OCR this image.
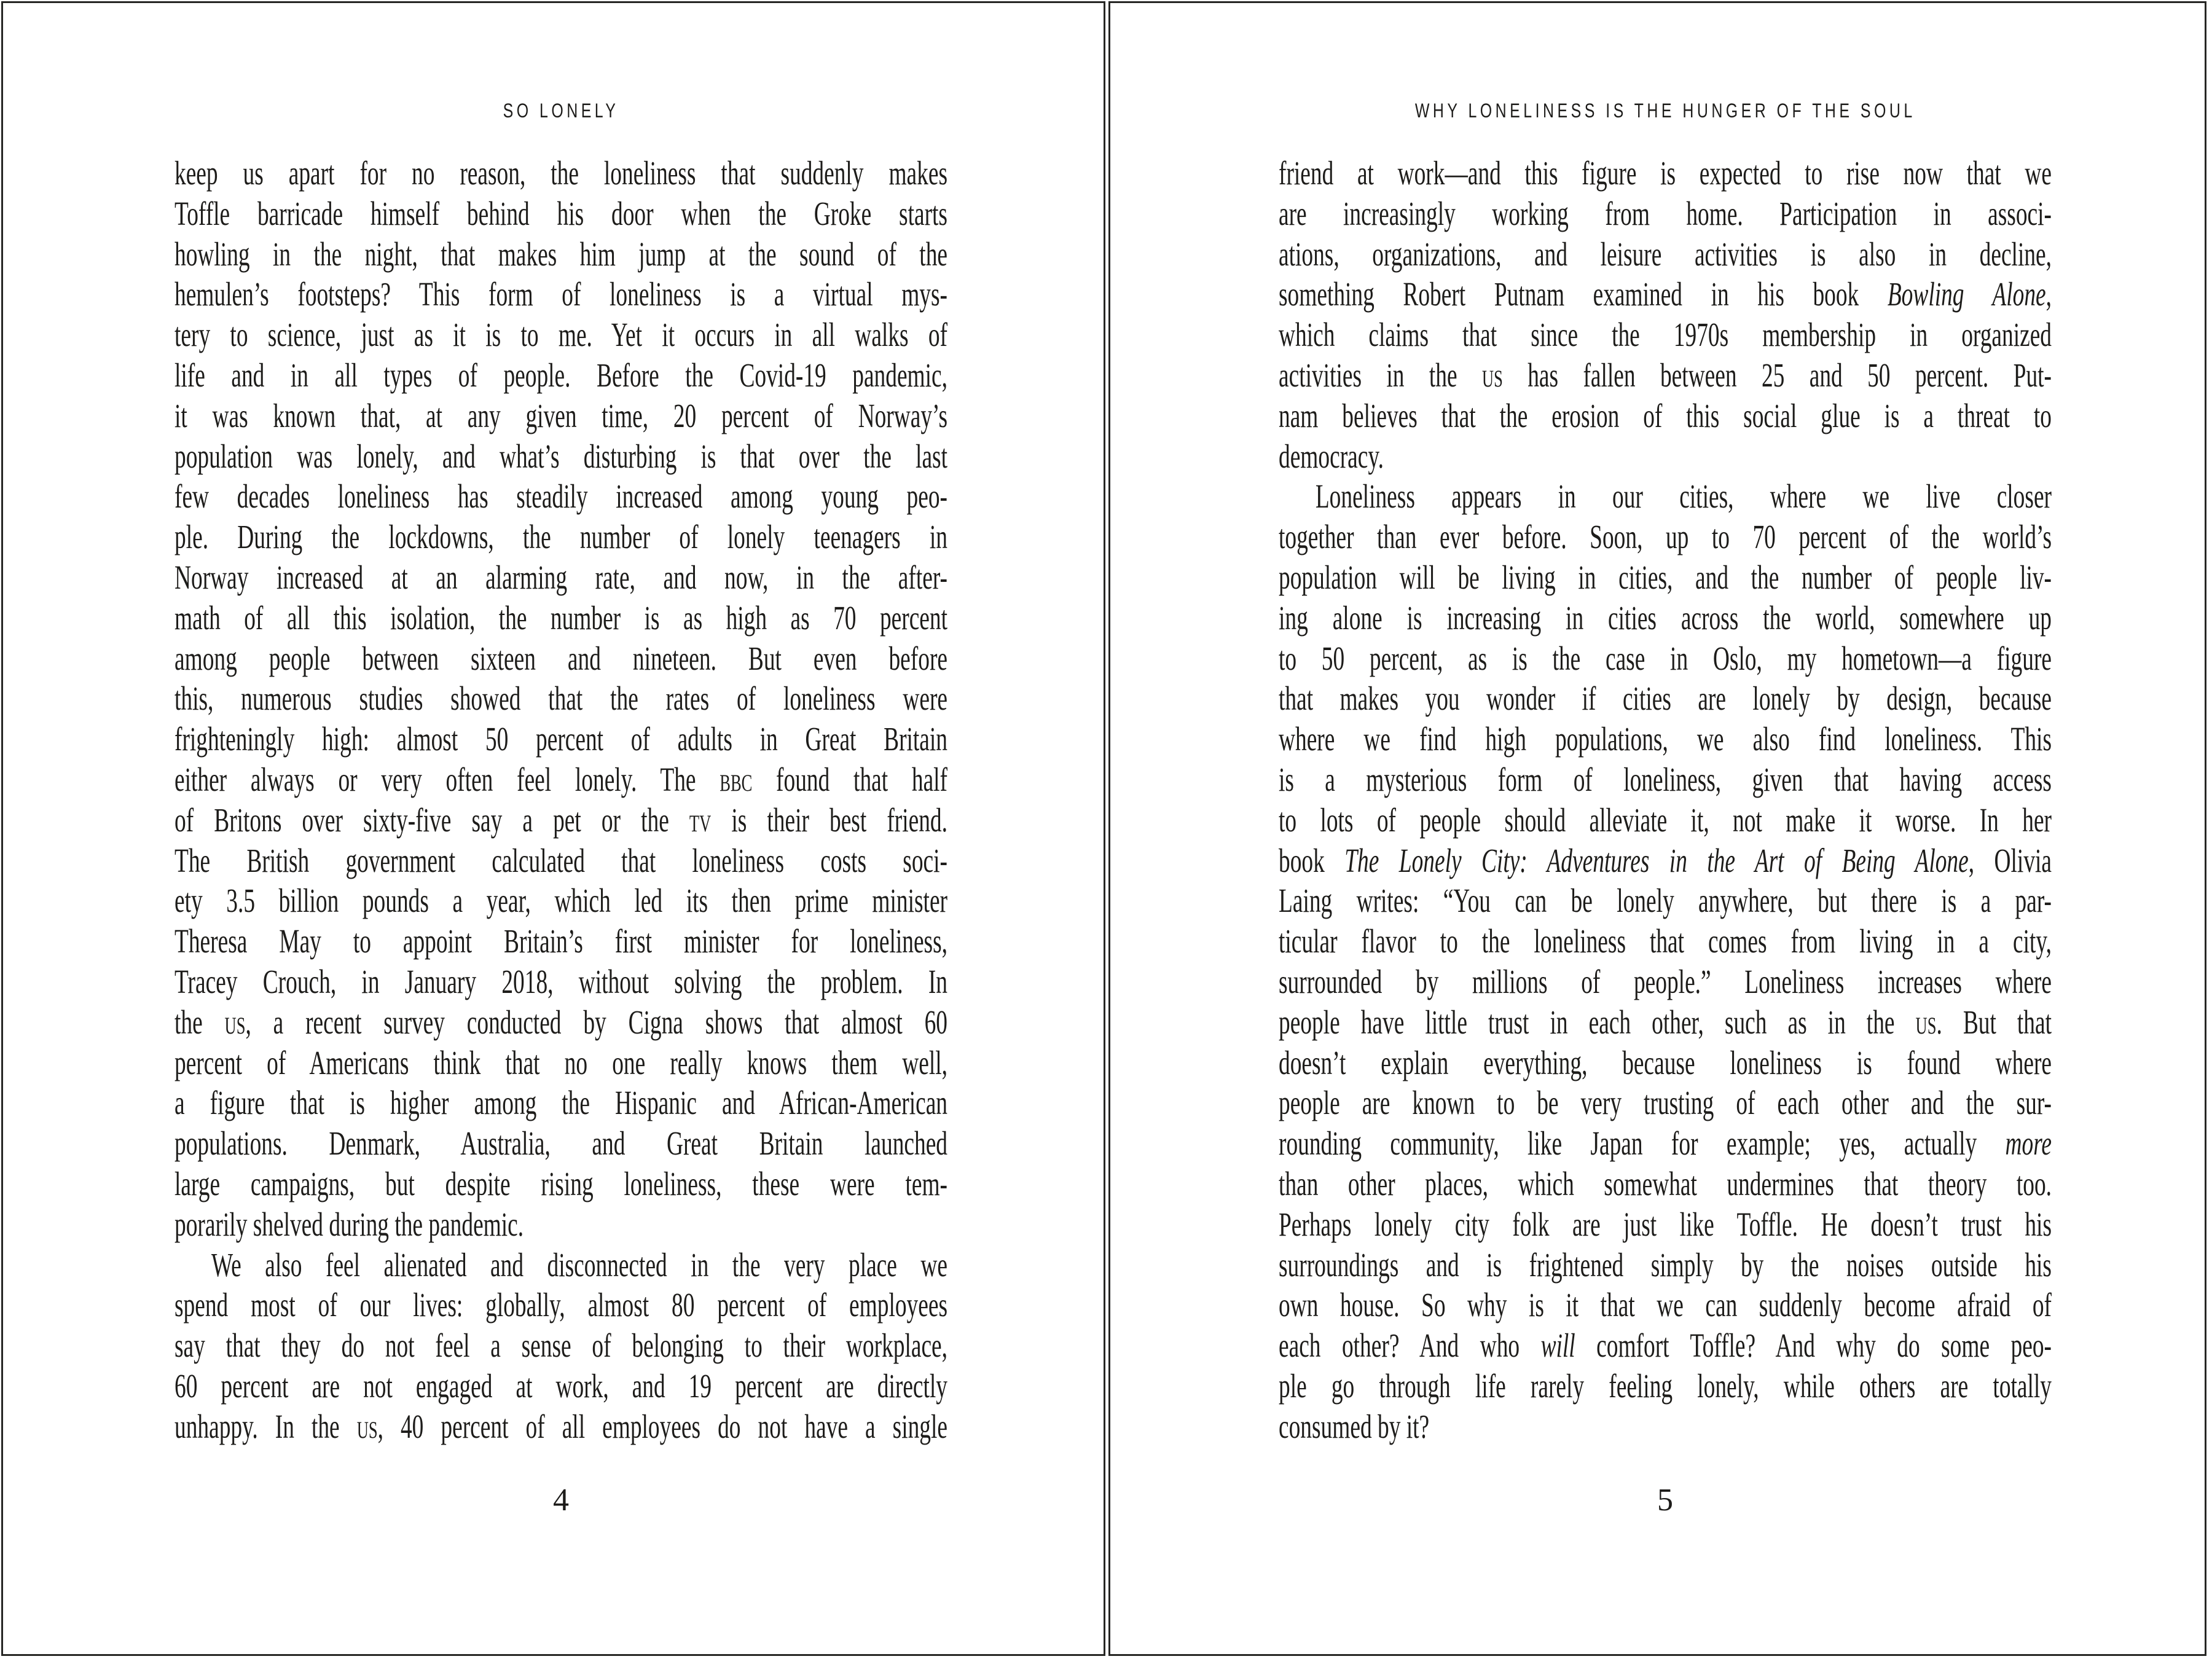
SO LONELY
keep us apart for no reason, the loneliness that suddenly makes
Toffle barricade himself behind his door when the Groke starts
howling in the night, that makes him jump at the sound of the
hemulen’s footsteps? This form of loneliness is a virtual mys-
tery to science, just as it is to me. Yet it occurs in all walks of
life and in all types of people. Before the Covid-19 pandemic,
it was known that, at any given time, 20 percent of Norway’s
population was lonely, and what’s disturbing is that over the last
few decades loneliness has steadily increased among young peo-
ple. During the lockdowns, the number of lonely teenagers in
Norway increased at an alarming rate, and now, in the after-
math of all this isolation, the number is as high as 70 percent
among people between sixteen and nineteen. But even before
this, numerous studies showed that the rates of loneliness were
frighteningly high: almost 50 percent of adults in Great Britain
either always or very often feel lonely. The bbc found that half
of Britons over sixty-five say a pet or the tv is their best friend.
The British government calculated that loneliness costs soci-
ety 3.5 billion pounds a year, which led its then prime minister
Theresa May to appoint Britain’s first minister for loneliness,
Tracey Crouch, in January 2018, without solving the problem. In
the us, a recent survey conducted by Cigna shows that almost 60
percent of Americans think that no one really knows them well,
a figure that is higher among the Hispanic and African-American
populations. Denmark, Australia, and Great Britain launched
large campaigns, but despite rising loneliness, these were tem-
porarily shelved during the pandemic.
We also feel alienated and disconnected in the very place we
spend most of our lives: globally, almost 80 percent of employees
say that they do not feel a sense of belonging to their workplace,
60 percent are not engaged at work, and 19 percent are directly
unhappy. In the us, 40 percent of all employees do not have a single
4
WHY LONELINESS IS THE HUNGER OF THE SOUL
friend at work—and this figure is expected to rise now that we
are increasingly working from home. Participation in associ-
ations, organizations, and leisure activities is also in decline,
something Robert Putnam examined in his book Bowling Alone,
which claims that since the 1970s membership in organized
activities in the us has fallen between 25 and 50 percent. Put-
nam believes that the erosion of this social glue is a threat to
democracy.
Loneliness appears in our cities, where we live closer
together than ever before. Soon, up to 70 percent of the world’s
population will be living in cities, and the number of people liv-
ing alone is increasing in cities across the world, somewhere up
to 50 percent, as is the case in Oslo, my hometown—a figure
that makes you wonder if cities are lonely by design, because
where we find high populations, we also find loneliness. This
is a mysterious form of loneliness, given that having access
to lots of people should alleviate it, not make it worse. In her
book The Lonely City: Adventures in the Art of Being Alone, Olivia
Laing writes: “You can be lonely anywhere, but there is a par-
ticular flavor to the loneliness that comes from living in a city,
surrounded by millions of people.” Loneliness increases where
people have little trust in each other, such as in the us. But that
doesn’t explain everything, because loneliness is found where
people are known to be very trusting of each other and the sur-
rounding community, like Japan for example; yes, actually more
than other places, which somewhat undermines that theory too.
Perhaps lonely city folk are just like Toffle. He doesn’t trust his
surroundings and is frightened simply by the noises outside his
own house. So why is it that we can suddenly become afraid of
each other? And who will comfort Toffle? And why do some peo-
ple go through life rarely feeling lonely, while others are totally
consumed by it?
5
